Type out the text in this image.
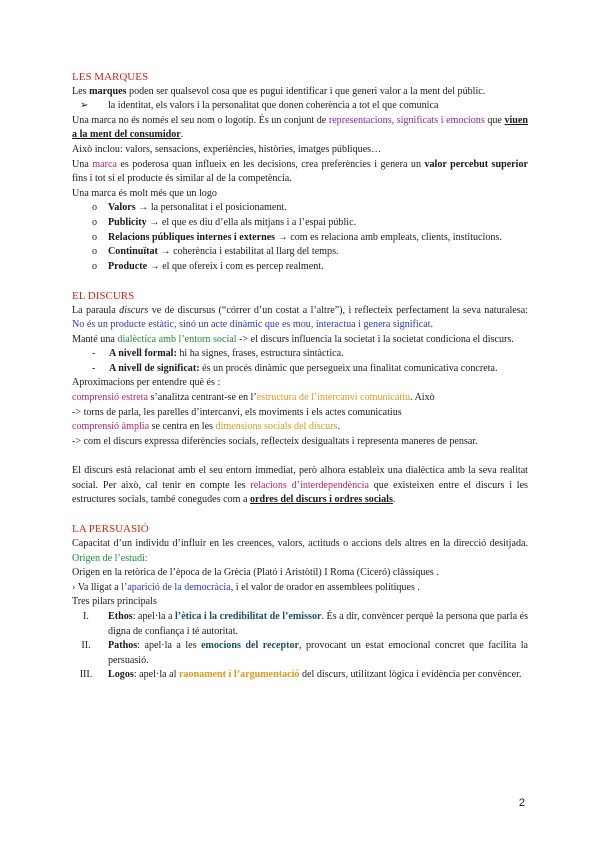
LES MARQUES

Les marques poden ser qualsevol cosa que es pugui identificar i que generi valor a la ment del públic.

➢	la identitat, els valors i la personalitat que donen coherència a tot el que comunica

Una marca no és només el seu nom o logotip. És un conjunt de representacions, significats i emocions que viuen a la ment del consumidor.

Això inclou: valors, sensacions, experiències, històries, imatges públiques…

Una marca es poderosa quan influeix en les decisions, crea preferències i genera un valor percebut superior fins i tot si el producte és similar al de la competència.

Una marca és molt més que un logo

o	Valors → la personalitat i el posicionament.
o	Publicity → el que es diu d’ella als mitjans i a l’espai públic.
o	Relacions públiques internes i externes → com es relaciona amb empleats, clients, institucions.
o	Continuïtat → coherència i estabilitat al llarg del temps.
o	Producte → el que ofereix i com es percep realment.

EL DISCURS

La paraula discurs ve de discursus (“córrer d’un costat a l’altre”), i reflecteix perfectament la seva naturalesa: No és un producte estàtic, sinó un acte dinàmic que es mou, interactua i genera significat.

Manté una dialèctica amb l’entorn social -> el discurs influencia la societat i la societat condiciona el discurs.

-	A nivell formal: hi ha signes, frases, estructura sintàctica.
-	A nivell de significat: és un procés dinàmic que persegueix una finalitat comunicativa concreta.

Aproximacions per entendre què és :

comprensió estreta s’analitza centrant-se en l’estructura de l’intercanvi comunicatiu. Això

-> torns de parla, les parelles d’intercanvi, els moviments i els actes comunicatius

comprensió àmplia se centra en les dimensions socials del discurs.

-> com el discurs expressa diferències socials, reflecteix desigualtats i representa maneres de pensar.

El discurs està relacionat amb el seu entorn immediat, però alhora estableix una dialèctica amb la seva realitat social. Per això, cal tenir en compte les relacions d’interdependència que existeixen entre el discurs i les estructures socials, també conegudes com a ordres del discurs i ordres socials.

LA PERSUASIÓ

Capacitat d’un individu d’influir en les creences, valors, actituds o accions dels altres en la direcció desitjada. Origen de l’estudi:

Origen en la retòrica de l’època de la Grècia (Plató i Aristòtil) I Roma (Ciceró) clàssiques .

› Va lligat a l’aparició de la democràcia, i el valor de orador en assemblees polítiques .

Tres pilars principals

I.	Ethos: apel·la a l’ètica i la credibilitat de l’emissor. És a dir, convèncer perquè la persona que parla és digna de confiança i té autoritat.
II.	Pathos: apel·la a les emocions del receptor, provocant un estat emocional concret que facilita la persuasió.
III.	Logos: apel·la al raonament i l’argumentació del discurs, utilitzant lògica i evidència per convèncer.
2
